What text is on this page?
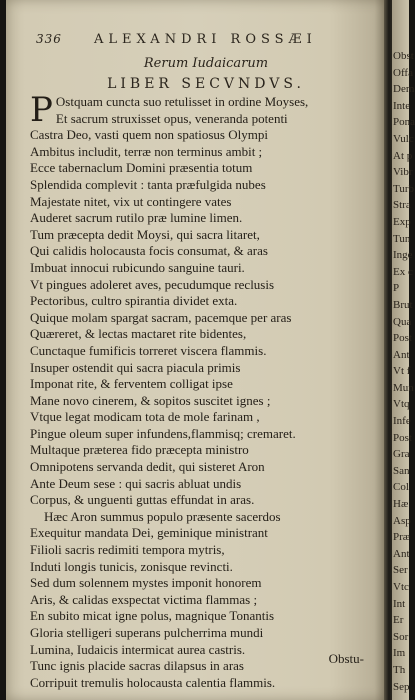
336 ALEXANDRI ROSSÆI
Rerum Iudaicarum
LIBER SECVNDVS.
P Ostquam cuncta suo retulisset in ordine Moyses,
Et sacrum struxisset opus, veneranda potenti
Castra Deo, vasti quem non spatiosus Olympi
Ambitus includit, terræ non terminus ambit ;
Ecce tabernaclum Domini præsentia totum
Splendida complevit : tanta præfulgida nubes
Majestate nitet, vix ut contingere vates
Auderet sacrum rutilo præ lumine limen.
Tum præcepta dedit Moysi, qui sacra litaret,
Qui calidis holocausta focis consumat, & aras
Imbuat innocui rubicundo sanguine tauri.
Vt pingues adoleret aves, pecudumque reclusis
Pectoribus, cultro spirantia dividet exta.
Quique molam spargat sacram, pacemque per aras
Quæreret, & lectas mactaret rite bidentes,
Cunctaque fumificis torreret viscera flammis.
Insuper ostendit qui sacra piacula primis
Imponat rite, & ferventem colligat ipse
Mane novo cinerem, & sopitos suscitet ignes ;
Vtque legat modicam tota de mole farinam ,
Pingue oleum super infundens,flammisq; cremaret.
Multaque præterea fido præcepta ministro
Omnipotens servanda dedit, qui sisteret Aron
Ante Deum sese : qui sacris abluat undis
Corpus, & unguenti guttas effundat in aras.
Hæc Aron summus populo præsente sacerdos
Exequitur mandata Dei, geminique ministrant
Filioli sacris redimiti tempora mytris,
Induti longis tunicis, zonisque revincti.
Sed dum solennem mystes imponit honorem
Aris, & calidas exspectat victima flammas ;
En subito micat igne polus, magnique Tonantis
Gloria stelligeri superans pulcherrima mundi
Lumina, Iudaicis intermicat aurea castris.
Tunc ignis placide sacras dilapsus in aras
Corripuit tremulis holocausta calentia flammis.
Obstu-
Obst
Offa
Dem
Inte
Pona
Vulc
At p
Vibr
Turb
Stra
Exp
Tun
Inge
Ex c
P
Brut
Qua
Post
Ant
Vt f
Mun
Vtq
Infe
Post
Gra
San
Col
Hæ
Asp
Præ
Ant
Ser
Vtc
Int
Er
Sor
Im
Th
Sep
